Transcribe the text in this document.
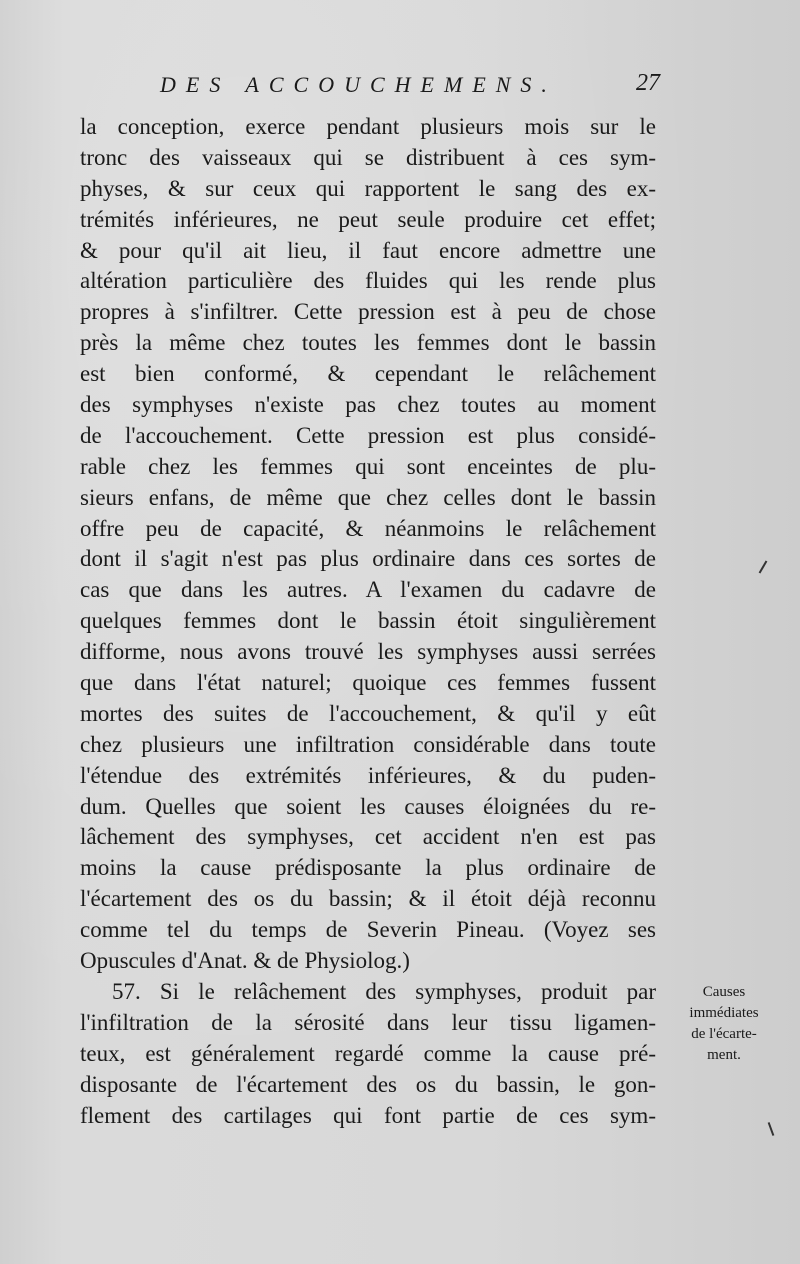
DES ACCOUCHEMENS.	27
la conception, exerce pendant plusieurs mois sur le
tronc des vaisseaux qui se distribuent à ces sym-
physes, & sur ceux qui rapportent le sang des ex-
trémités inférieures, ne peut seule produire cet effet;
& pour qu'il ait lieu, il faut encore admettre une
altération particulière des fluides qui les rende plus
propres à s'infiltrer. Cette pression est à peu de chose
près la même chez toutes les femmes dont le bassin
est bien conformé, & cependant le relâchement
des symphyses n'existe pas chez toutes au moment
de l'accouchement. Cette pression est plus considé-
rable chez les femmes qui sont enceintes de plu-
sieurs enfans, de même que chez celles dont le bassin
offre peu de capacité, & néanmoins le relâchement
dont il s'agit n'est pas plus ordinaire dans ces sortes de
cas que dans les autres. A l'examen du cadavre de
quelques femmes dont le bassin étoit singulièrement
difforme, nous avons trouvé les symphyses aussi serrées
que dans l'état naturel; quoique ces femmes fussent
mortes des suites de l'accouchement, & qu'il y eût
chez plusieurs une infiltration considérable dans toute
l'étendue des extrémités inférieures, & du puden-
dum. Quelles que soient les causes éloignées du re-
lâchement des symphyses, cet accident n'en est pas
moins la cause prédisposante la plus ordinaire de
l'écartement des os du bassin; & il étoit déjà reconnu
comme tel du temps de Severin Pineau. (Voyez ses
Opuscules d'Anat. & de Physiolog.)
57. Si le relâchement des symphyses, produit par
l'infiltration de la sérosité dans leur tissu ligamen-
teux, est généralement regardé comme la cause pré-
disposante de l'écartement des os du bassin, le gon-
flement des cartilages qui font partie de ces sym-
Causes
immédiates
de l'écarte-
ment.
